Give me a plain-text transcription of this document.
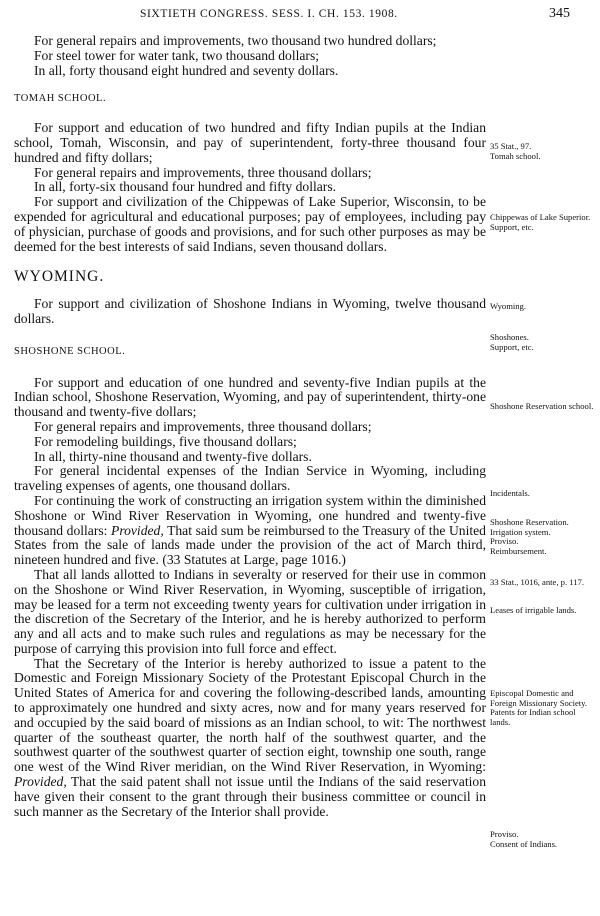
SIXTIETH CONGRESS. SESS. I. CH. 153. 1908.	345

For general repairs and improvements, two thousand two hundred dollars;

For steel tower for water tank, two thousand dollars;

In all, forty thousand eight hundred and seventy dollars.

TOMAH SCHOOL.

For support and education of two hundred and fifty Indian pupils at the Indian school, Tomah, Wisconsin, and pay of superintendent, forty-three thousand four hundred and fifty dollars;

For general repairs and improvements, three thousand dollars;

In all, forty-six thousand four hundred and fifty dollars.

For support and civilization of the Chippewas of Lake Superior, Wisconsin, to be expended for agricultural and educational purposes; pay of employees, including pay of physician, purchase of goods and provisions, and for such other purposes as may be deemed for the best interests of said Indians, seven thousand dollars.

WYOMING.

For support and civilization of Shoshone Indians in Wyoming, twelve thousand dollars.

SHOSHONE SCHOOL.

For support and education of one hundred and seventy-five Indian pupils at the Indian school, Shoshone Reservation, Wyoming, and pay of superintendent, thirty-one thousand and twenty-five dollars;

For general repairs and improvements, three thousand dollars;

For remodeling buildings, five thousand dollars;

In all, thirty-nine thousand and twenty-five dollars.

For general incidental expenses of the Indian Service in Wyoming, including traveling expenses of agents, one thousand dollars.

For continuing the work of constructing an irrigation system within the diminished Shoshone or Wind River Reservation in Wyoming, one hundred and twenty-five thousand dollars: Provided, That said sum be reimbursed to the Treasury of the United States from the sale of lands made under the provision of the act of March third, nineteen hundred and five. (33 Statutes at Large, page 1016.)

That all lands allotted to Indians in severalty or reserved for their use in common on the Shoshone or Wind River Reservation, in Wyoming, susceptible of irrigation, may be leased for a term not exceeding twenty years for cultivation under irrigation in the discretion of the Secretary of the Interior, and he is hereby authorized to perform any and all acts and to make such rules and regulations as may be necessary for the purpose of carrying this provision into full force and effect.

That the Secretary of the Interior is hereby authorized to issue a patent to the Domestic and Foreign Missionary Society of the Protestant Episcopal Church in the United States of America for and covering the following-described lands, amounting to approximately one hundred and sixty acres, now and for many years reserved for and occupied by the said board of missions as an Indian school, to wit: The northwest quarter of the southeast quarter, the north half of the southwest quarter, and the southwest quarter of the southwest quarter of section eight, township one south, range one west of the Wind River meridian, on the Wind River Reservation, in Wyoming: Provided, That the said patent shall not issue until the Indians of the said reservation have given their consent to the grant through their business committee or council in such manner as the Secretary of the Interior shall provide.

35 Stat., 97.
Tomah school.
Chippewas of Lake Superior.
Support, etc.
Wyoming.
Shoshones.
Support, etc.
Shoshone Reservation school.
Incidentals.
Shoshone Reservation.
Irrigation system.
Proviso.
Reimbursement.
33 Stat., 1016, ante, p. 117.
Leases of irrigable lands.
Episcopal Domestic and Foreign Missionary Society.
Patents for Indian school lands.
Proviso.
Consent of Indians.
